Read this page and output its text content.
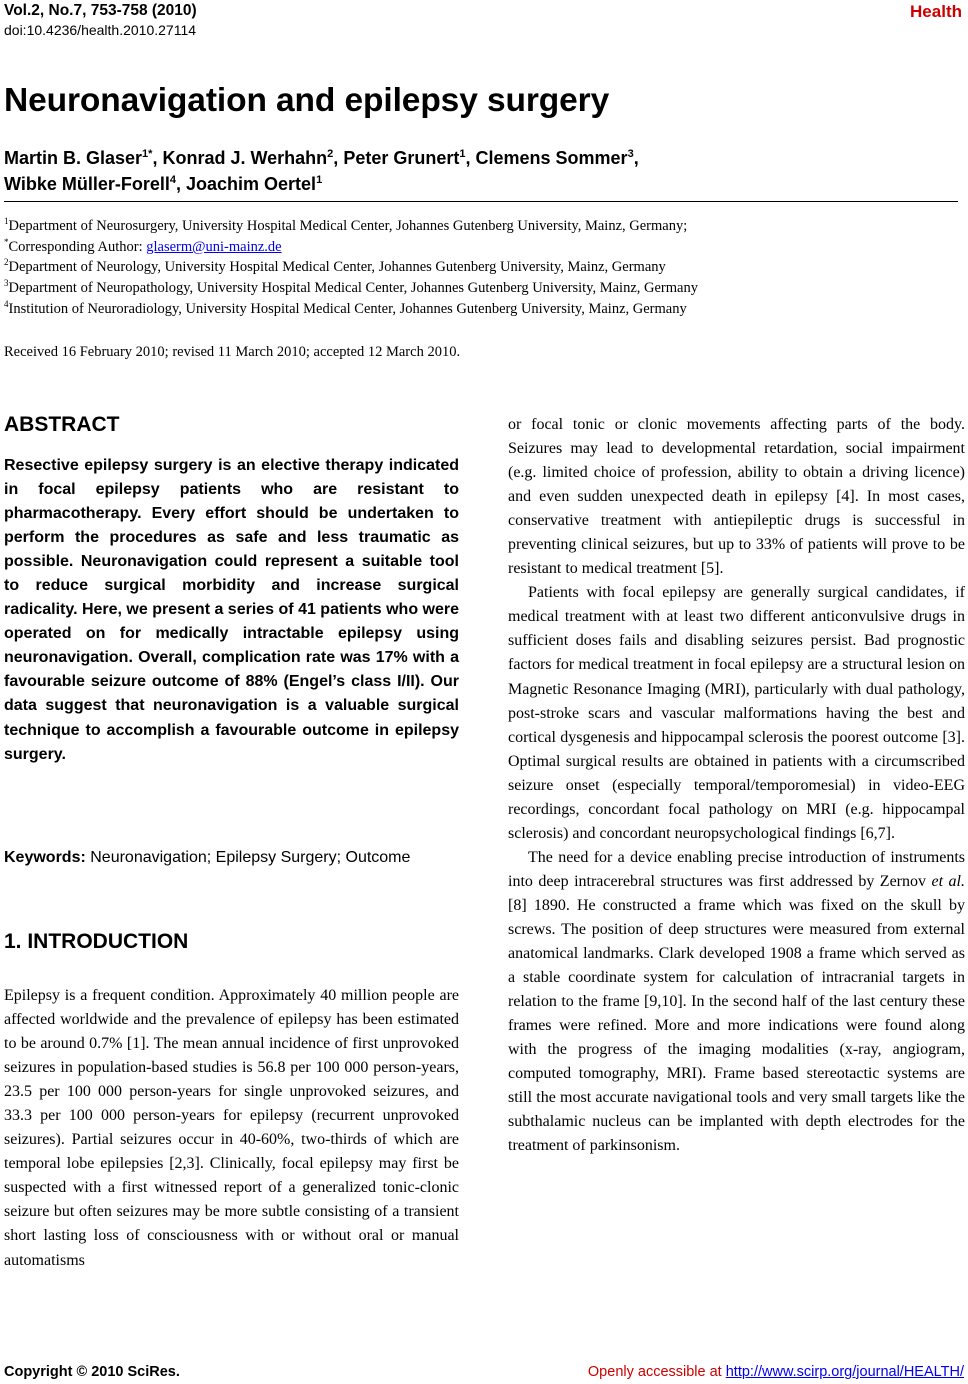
Vol.2, No.7, 753-758 (2010)
doi:10.4236/health.2010.27114
Health
Neuronavigation and epilepsy surgery
Martin B. Glaser$^{1*}$, Konrad J. Werhahn$^2$, Peter Grunert$^1$, Clemens Sommer$^3$,
Wibke Müller-Forell$^4$, Joachim Oertel$^1$
$^1$Department of Neurosurgery, University Hospital Medical Center, Johannes Gutenberg University, Mainz, Germany;
*Corresponding Author: glaserm@uni-mainz.de
$^2$Department of Neurology, University Hospital Medical Center, Johannes Gutenberg University, Mainz, Germany
$^3$Department of Neuropathology, University Hospital Medical Center, Johannes Gutenberg University, Mainz, Germany
$^4$Institution of Neuroradiology, University Hospital Medical Center, Johannes Gutenberg University, Mainz, Germany
Received 16 February 2010; revised 11 March 2010; accepted 12 March 2010.
ABSTRACT

Resective epilepsy surgery is an elective therapy indicated in focal epilepsy patients who are resistant to pharmacotherapy. Every effort should be undertaken to perform the procedures as safe and less traumatic as possible. Neuronavigation could represent a suitable tool to reduce surgical morbidity and increase surgical radicality. Here, we present a series of 41 patients who were operated on for medically intractable epilepsy using neuronavigation. Overall, complication rate was 17% with a favourable seizure outcome of 88% (Engel’s class I/II). Our data suggest that neuronavigation is a valuable surgical technique to accomplish a favourable outcome in epilepsy surgery.

Keywords: Neuronavigation; Epilepsy Surgery; Outcome
1. INTRODUCTION

Epilepsy is a frequent condition. Approximately 40 million people are affected worldwide and the prevalence of epilepsy has been estimated to be around 0.7% [1]. The mean annual incidence of first unprovoked seizures in population-based studies is 56.8 per 100 000 person-years, 23.5 per 100 000 person-years for single unprovoked seizures, and 33.3 per 100 000 person-years for epilepsy (recurrent unprovoked seizures). Partial seizures occur in 40-60%, two-thirds of which are temporal lobe epilepsies [2,3]. Clinically, focal epilepsy may first be suspected with a first witnessed report of a generalized tonic-clonic seizure but often seizures may be more subtle consisting of a transient short lasting loss of consciousness with or without oral or manual automatisms

or focal tonic or clonic movements affecting parts of the body. Seizures may lead to developmental retardation, social impairment (e.g. limited choice of profession, ability to obtain a driving licence) and even sudden unexpected death in epilepsy [4]. In most cases, conservative treatment with antiepileptic drugs is successful in preventing clinical seizures, but up to 33% of patients will prove to be resistant to medical treatment [5].

Patients with focal epilepsy are generally surgical candidates, if medical treatment with at least two different anticonvulsive drugs in sufficient doses fails and disabling seizures persist. Bad prognostic factors for medical treatment in focal epilepsy are a structural lesion on Magnetic Resonance Imaging (MRI), particularly with dual pathology, post-stroke scars and vascular malformations having the best and cortical dysgenesis and hippocampal sclerosis the poorest outcome [3]. Optimal surgical results are obtained in patients with a circumscribed seizure onset (especially temporal/temporomesial) in video-EEG recordings, concordant focal pathology on MRI (e.g. hippocampal sclerosis) and concordant neuropsychological findings [6,7].

The need for a device enabling precise introduction of instruments into deep intracerebral structures was first addressed by Zernov et al. [8] 1890. He constructed a frame which was fixed on the skull by screws. The position of deep structures were measured from external anatomical landmarks. Clark developed 1908 a frame which served as a stable coordinate system for calculation of intracranial targets in relation to the frame [9,10]. In the second half of the last century these frames were refined. More and more indications were found along with the progress of the imaging modalities (x-ray, angiogram, computed tomography, MRI). Frame based stereotactic systems are still the most accurate navigational tools and very small targets like the subthalamic nucleus can be implanted with depth electrodes for the treatment of parkinsonism.

Copyright © 2010 SciRes.	Openly accessible at http://www.scirp.org/journal/HEALTH/
